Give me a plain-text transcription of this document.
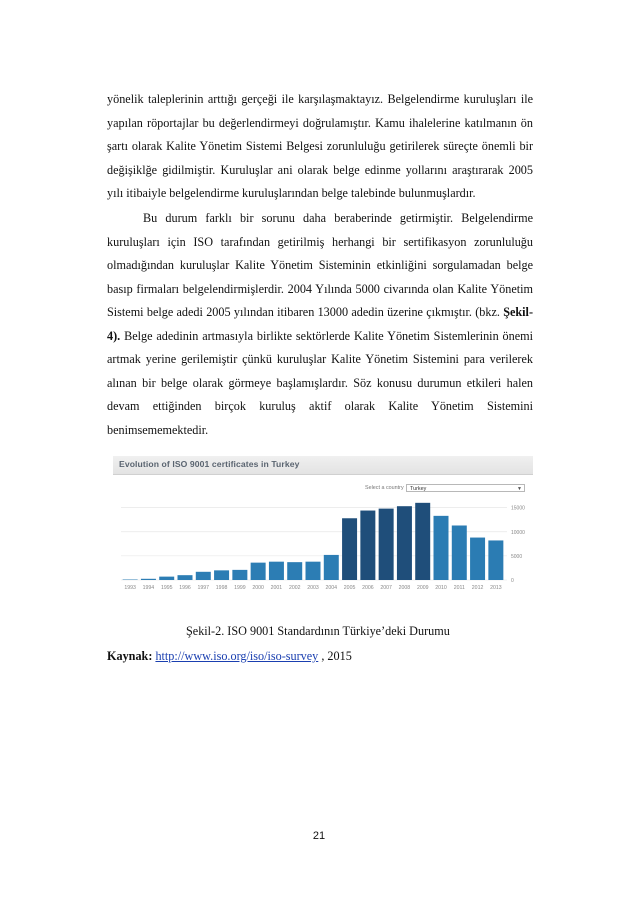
yönelik taleplerinin arttığı gerçeği ile karşılaşmaktayız. Belgelendirme kuruluşları ile yapılan röportajlar bu değerlendirmeyi doğrulamıştır. Kamu ihalelerine katılmanın ön şartı olarak Kalite Yönetim Sistemi Belgesi zorunluluğu getirilerek süreçte önemli bir değişiklğe gidilmiştir. Kuruluşlar ani olarak belge edinme yollarını araştırarak 2005 yılı itibaiyle belgelendirme kuruluşlarından belge talebinde bulunmuşlardır.

Bu durum farklı bir sorunu daha beraberinde getirmiştir. Belgelendirme kuruluşları için ISO tarafından getirilmiş herhangi bir sertifikasyon zorunluluğu olmadığından kuruluşlar Kalite Yönetim Sisteminin etkinliğini sorgulamadan belge basıp firmaları belgelendirmişlerdir. 2004 Yılında 5000 civarında olan Kalite Yönetim Sistemi belge adedi 2005 yılından itibaren 13000 adedin üzerine çıkmıştır. (bkz. Şekil-4). Belge adedinin artmasıyla birlikte sektörlerde Kalite Yönetim Sistemlerinin önemi artmak yerine gerilemiştir çünkü kuruluşlar Kalite Yönetim Sistemini para verilerek alınan bir belge olarak görmeye başlamışlardır. Söz konusu durumun etkileri halen devam ettiğinden birçok kuruluş aktif olarak Kalite Yönetim Sistemini benimsememektedir.

Evolution of ISO 9001 certificates in Turkey
Select a country	Turkey	▼
0
5000
10000
15000
1993 1994 1995 1996 1997 1998 1999 2000 2001 2002 2003 2004 2005 2006 2007 2008 2009 2010 2011 2012 2013

Şekil-2. ISO 9001 Standardının Türkiye’deki Durumu

Kaynak: http://www.iso.org/iso/iso-survey , 2015

21
